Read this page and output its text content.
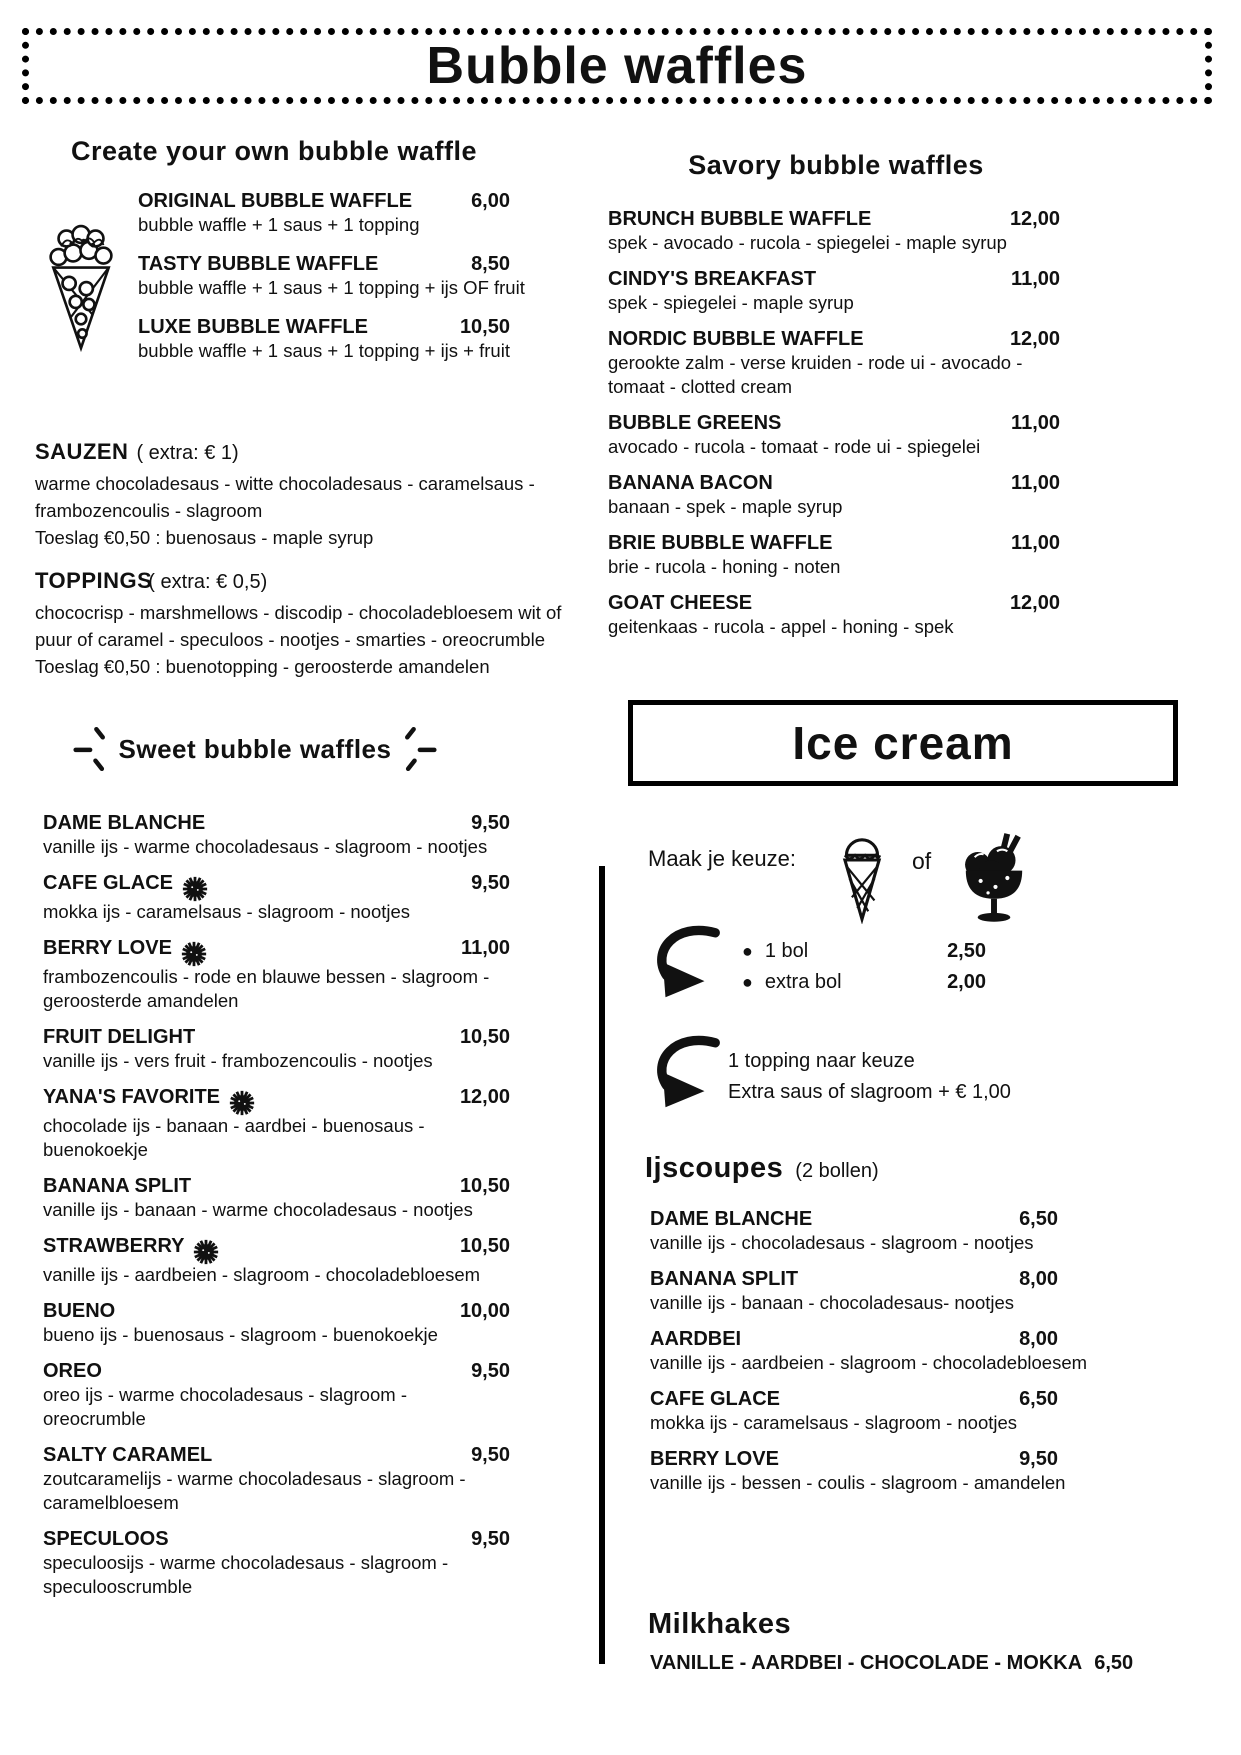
Bubble waffles
Create your own bubble waffle
ORIGINAL BUBBLE WAFFLE	6,00
bubble waffle + 1 saus + 1 topping
TASTY BUBBLE WAFFLE	8,50
bubble waffle + 1 saus + 1 topping + ijs OF fruit
LUXE BUBBLE WAFFLE	10,50
bubble waffle + 1 saus + 1 topping + ijs + fruit
SAUZEN ( extra: € 1)
warme chocoladesaus - witte chocoladesaus - caramelsaus -
frambozencoulis - slagroom
Toeslag €0,50 : buenosaus - maple syrup
TOPPINGS( extra: € 0,5)
chococrisp - marshmellows - discodip - chocoladebloesem wit of
puur of caramel - speculoos - nootjes - smarties - oreocrumble
Toeslag €0,50 : buenotopping - geroosterde amandelen
Sweet bubble waffles
DAME BLANCHE	9,50
vanille ijs - warme chocoladesaus - slagroom - nootjes
CAFE GLACE	9,50
mokka ijs - caramelsaus - slagroom - nootjes
BERRY LOVE	11,00
frambozencoulis - rode en blauwe bessen - slagroom - geroosterde amandelen
FRUIT DELIGHT	10,50
vanille ijs - vers fruit - frambozencoulis - nootjes
YANA'S FAVORITE	12,00
chocolade ijs - banaan - aardbei - buenosaus - buenokoekje
BANANA SPLIT	10,50
vanille ijs - banaan - warme chocoladesaus - nootjes
STRAWBERRY	10,50
vanille ijs - aardbeien - slagroom - chocoladebloesem
BUENO	10,00
bueno ijs - buenosaus - slagroom - buenokoekje
OREO	9,50
oreo ijs - warme chocoladesaus - slagroom - oreocrumble
SALTY CARAMEL	9,50
zoutcaramelijs - warme chocoladesaus - slagroom - caramelbloesem
SPECULOOS	9,50
speculoosijs - warme chocoladesaus - slagroom - speculooscrumble
Savory bubble waffles
BRUNCH BUBBLE WAFFLE	12,00
spek - avocado - rucola - spiegelei - maple syrup
CINDY'S BREAKFAST	11,00
spek - spiegelei - maple syrup
NORDIC BUBBLE WAFFLE	12,00
gerookte zalm - verse kruiden - rode ui - avocado - tomaat - clotted cream
BUBBLE GREENS	11,00
avocado - rucola - tomaat - rode ui - spiegelei
BANANA BACON	11,00
banaan - spek - maple syrup
BRIE BUBBLE WAFFLE	11,00
brie - rucola - honing - noten
GOAT CHEESE	12,00
geitenkaas - rucola - appel - honing - spek
Ice cream
Maak je keuze:	of
● 1 bol	2,50
● extra bol	2,00
1 topping naar keuze
Extra saus of slagroom + € 1,00
Ijscoupes (2 bollen)
DAME BLANCHE	6,50
vanille ijs - chocoladesaus - slagroom - nootjes
BANANA SPLIT	8,00
vanille ijs - banaan - chocoladesaus- nootjes
AARDBEI	8,00
vanille ijs - aardbeien - slagroom - chocoladebloesem
CAFE GLACE	6,50
mokka ijs - caramelsaus - slagroom - nootjes
BERRY LOVE	9,50
vanille ijs - bessen - coulis - slagroom - amandelen
Milkhakes
VANILLE - AARDBEI - CHOCOLADE - MOKKA 6,50
